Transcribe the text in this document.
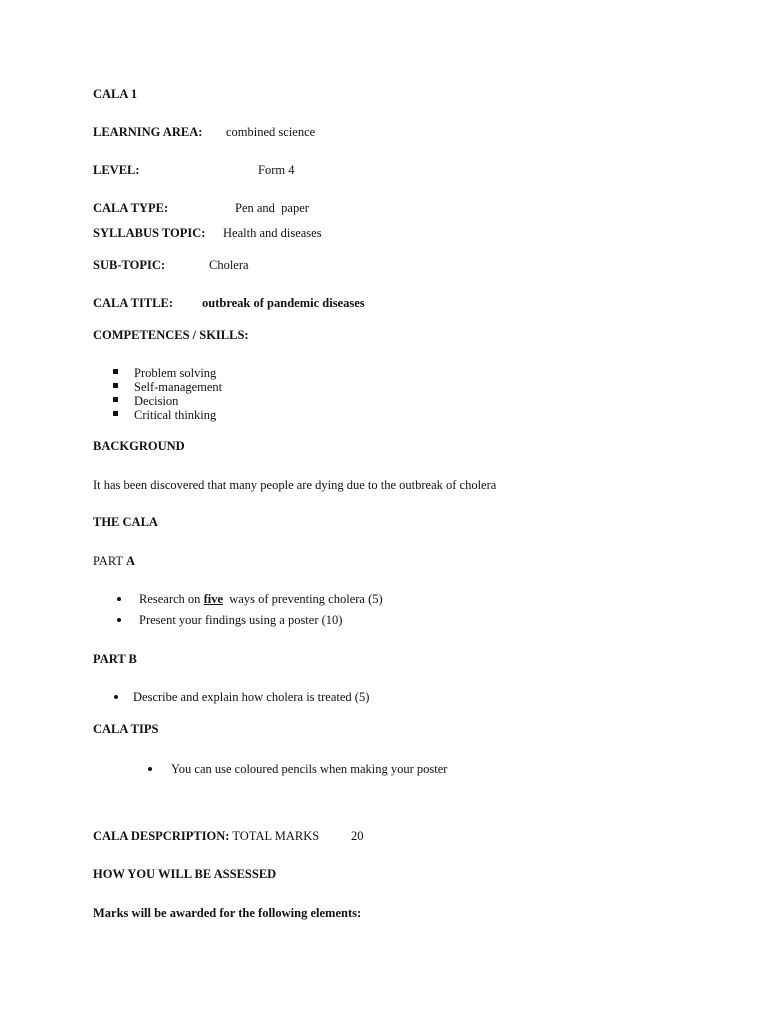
CALA 1
LEARNING AREA: combined science
LEVEL:	Form 4
CALA TYPE:	Pen and  paper
SYLLABUS TOPIC: Health and diseases
SUB-TOPIC:	Cholera
CALA TITLE: outbreak of pandemic diseases
COMPETENCES / SKILLS:
Problem solving
Self-management
Decision
Critical thinking
BACKGROUND
It has been discovered that many people are dying due to the outbreak of cholera
THE CALA
PART A
Research on five  ways of preventing cholera (5)
Present your findings using a poster (10)
PART B
Describe and explain how cholera is treated (5)
CALA TIPS
You can use coloured pencils when making your poster
CALA DESPCRIPTION: TOTAL MARKS	20
HOW YOU WILL BE ASSESSED
Marks will be awarded for the following elements:
